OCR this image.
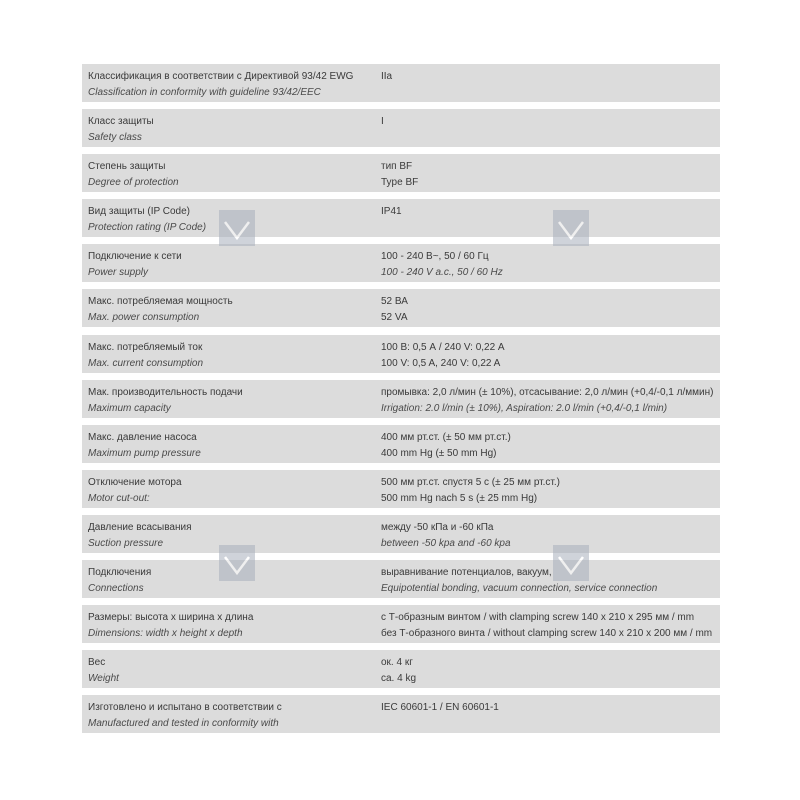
Классификация в соответствии с Директивой 93/42 EWG
Classification in conformity with guideline 93/42/EEC
IIa
Класс защиты
Safety class
I
Степень защиты
Degree of protection
тип BF
Type BF
Вид защиты (IP Code)
Protection rating (IP Code)
IP41
Подключение к сети
Power supply
100 - 240 В~, 50 / 60 Гц
100 - 240 V a.c., 50 / 60 Hz
Макс. потребляемая мощность
Max. power consumption
52 ВА
52 VA
Макс. потребляемый ток
Max. current consumption
100 В: 0,5 А / 240 V: 0,22 А
100 V: 0,5 A, 240 V: 0,22 A
Мак. производительность подачи
Maximum capacity
промывка: 2,0 л/мин (± 10%), отсасывание: 2,0 л/мин (+0,4/-0,1 л/ммин)
Irrigation: 2.0 l/min (± 10%), Aspiration: 2.0 l/min (+0,4/-0,1 l/min)
Макс. давление насоса
Maximum pump pressure
400 мм рт.ст. (± 50 мм рт.ст.)
400 mm Hg (± 50 mm Hg)
Отключение мотора
Motor cut-out:
500 мм рт.ст. спустя 5 с (± 25 мм рт.ст.)
500 mm Hg nach 5 s (± 25 mm Hg)
Давление всасывания
Suction pressure
между -50 кПа и -60 кПа
between -50 kpa and -60 kpa
Подключения
Connections
выравнивание потенциалов, вакуум,
Equipotential bonding, vacuum connection, service connection
Размеры: высота x ширина x длина
Dimensions: width x height x depth
с Т-образным винтом / with clamping screw 140 x 210 x 295 мм / mm
без Т-образного винта / without clamping screw 140 x 210 x 200 мм / mm
Вес
Weight
ок. 4 кг
ca. 4 kg
Изготовлено и испытано в соответствии с
Manufactured and tested in conformity with
IEC 60601-1 / EN 60601-1
